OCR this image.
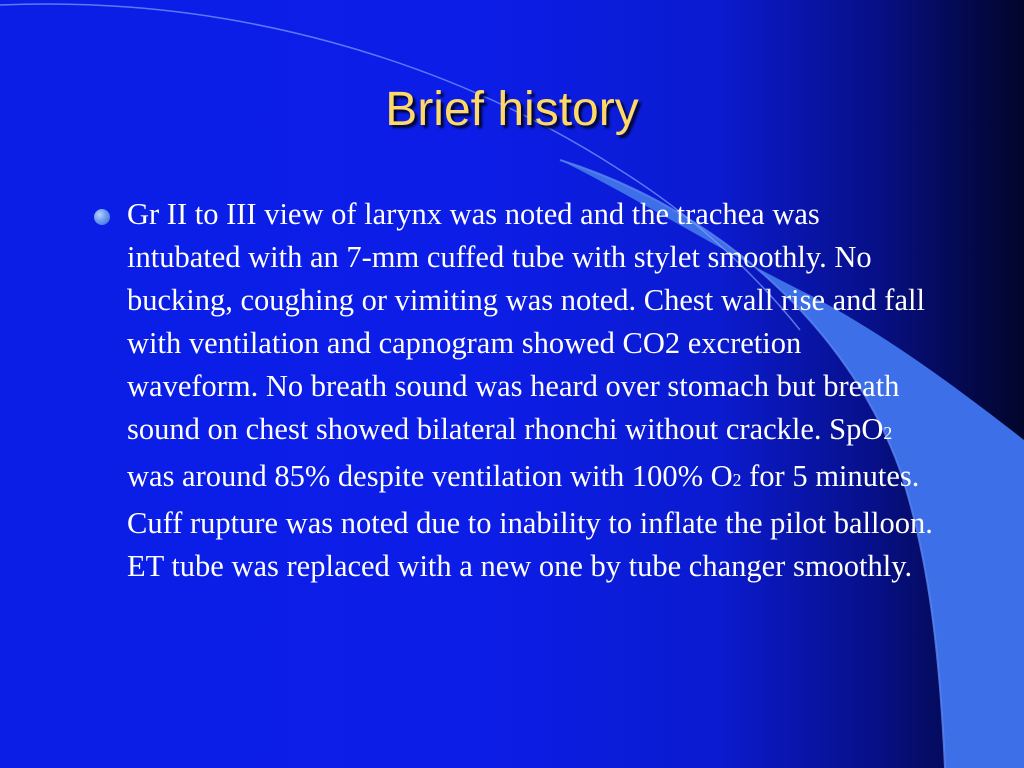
Brief history

Gr II to III view of larynx was noted and the trachea was  intubated with an 7-mm cuffed tube with stylet smoothly. No bucking, coughing or vimiting was noted. Chest wall rise and fall with ventilation and capnogram showed CO2 excretion waveform. No breath sound was heard over stomach but breath sound on chest showed bilateral rhonchi without crackle. SpO2 was around 85% despite ventilation with 100% O2 for 5 minutes. Cuff rupture was noted due to inability to inflate the pilot balloon. ET tube was replaced with a new one by tube changer smoothly.
